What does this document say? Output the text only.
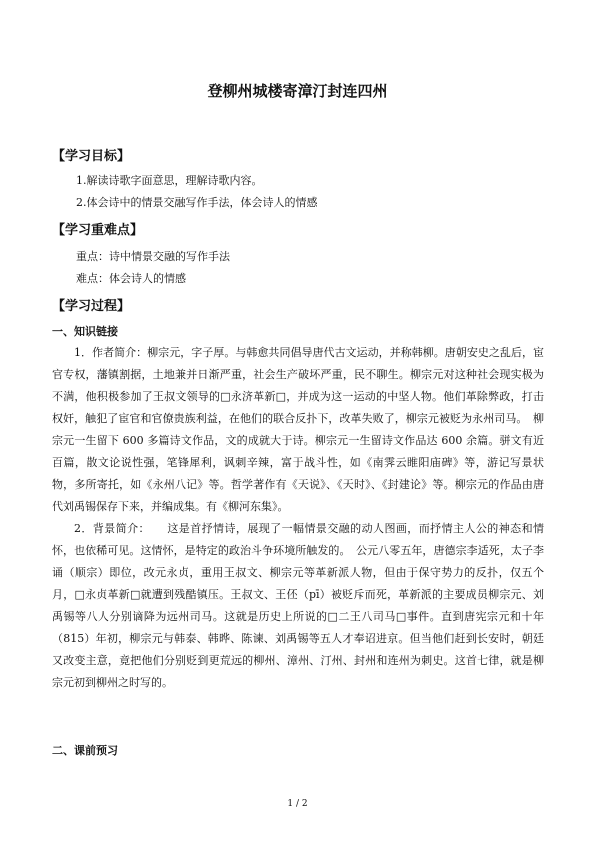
登柳州城楼寄漳汀封连四州
【学习目标】
1.解读诗歌字面意思，理解诗歌内容。
2.体会诗中的情景交融写作手法，体会诗人的情感
【学习重难点】
重点：诗中情景交融的写作手法
难点：体会诗人的情感
【学习过程】
一、知识链接

1．作者简介：柳宗元，字子厚。与韩愈共同倡导唐代古文运动，并称韩柳。唐朝安史之乱后，宦官专权，藩镇割据，土地兼并日渐严重，社会生产破坏严重，民不聊生。柳宗元对这种社会现实极为不满，他积极参加了王叔文领导的□永济革新□，并成为这一运动的中坚人物。他们革除弊政，打击权奸，触犯了宦官和官僚贵族利益，在他们的联合反扑下，改革失败了，柳宗元被贬为永州司马。　柳宗元一生留下 600 多篇诗文作品，文的成就大于诗。柳宗元一生留诗文作品达 600 余篇。骈文有近百篇，散文论说性强，笔锋犀利，讽刺辛辣，富于战斗性，如《南霁云睢阳庙碑》等，游记写景状物，多所寄托，如《永州八记》等。哲学著作有《天说》、《天时》、《封建论》等。柳宗元的作品由唐代刘禹锡保存下来，并编成集。有《柳河东集》。

2．背景简介：　　这是首抒情诗，展现了一幅情景交融的动人图画，而抒情主人公的神态和情怀，也依稀可见。这情怀，是特定的政治斗争环境所触发的。　公元八零五年，唐德宗李适死，太子李诵（顺宗）即位，改元永贞，重用王叔文、柳宗元等革新派人物，但由于保守势力的反扑，仅五个月，□永贞革新□就遭到残酷镇压。王叔文、王伾（pī）被贬斥而死，革新派的主要成员柳宗元、刘禹锡等八人分别谪降为远州司马。这就是历史上所说的□二王八司马□事件。直到唐宪宗元和十年（815）年初，柳宗元与韩泰、韩晔、陈谏、刘禹锡等五人才奉诏进京。但当他们赶到长安时，朝廷又改变主意，竟把他们分别贬到更荒远的柳州、漳州、汀州、封州和连州为刺史。这首七律，就是柳宗元初到柳州之时写的。

二、课前预习
1 / 2
